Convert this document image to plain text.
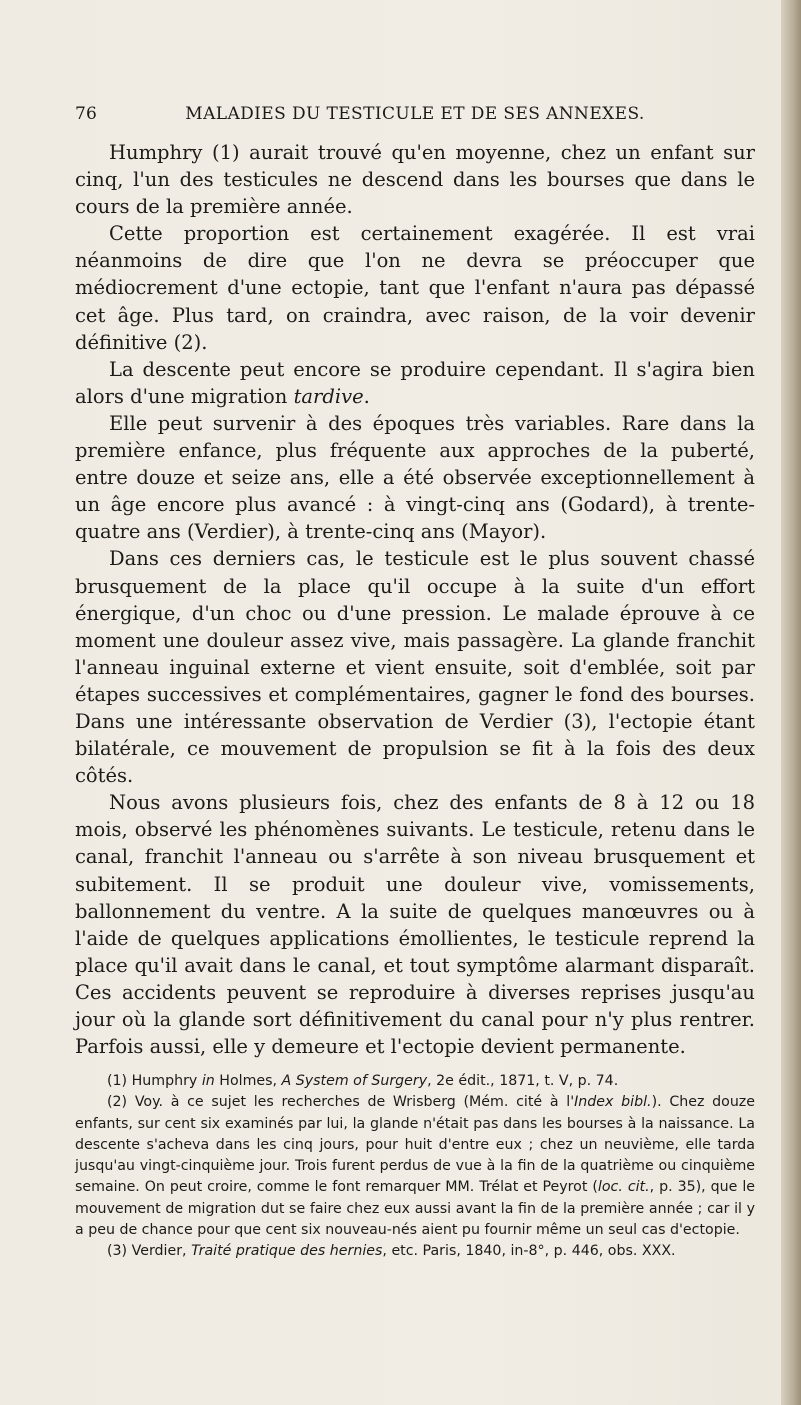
76	MALADIES DU TESTICULE ET DE SES ANNEXES.

Humphry (1) aurait trouvé qu'en moyenne, chez un enfant sur cinq, l'un des testicules ne descend dans les bourses que dans le cours de la première année.

Cette proportion est certainement exagérée. Il est vrai néanmoins de dire que l'on ne devra se préoccuper que médiocrement d'une ectopie, tant que l'enfant n'aura pas dépassé cet âge. Plus tard, on craindra, avec raison, de la voir devenir définitive (2).

La descente peut encore se produire cependant. Il s'agira bien alors d'une migration tardive.

Elle peut survenir à des époques très variables. Rare dans la première enfance, plus fréquente aux approches de la puberté, entre douze et seize ans, elle a été observée exceptionnellement à un âge encore plus avancé : à vingt-cinq ans (Godard), à trente-quatre ans (Verdier), à trente-cinq ans (Mayor).

Dans ces derniers cas, le testicule est le plus souvent chassé brusquement de la place qu'il occupe à la suite d'un effort énergique, d'un choc ou d'une pression. Le malade éprouve à ce moment une douleur assez vive, mais passagère. La glande franchit l'anneau inguinal externe et vient ensuite, soit d'emblée, soit par étapes successives et complémentaires, gagner le fond des bourses. Dans une intéressante observation de Verdier (3), l'ectopie étant bilatérale, ce mouvement de propulsion se fit à la fois des deux côtés.

Nous avons plusieurs fois, chez des enfants de 8 à 12 ou 18 mois, observé les phénomènes suivants. Le testicule, retenu dans le canal, franchit l'anneau ou s'arrête à son niveau brusquement et subitement. Il se produit une douleur vive, vomissements, ballonnement du ventre. A la suite de quelques manœuvres ou à l'aide de quelques applications émollientes, le testicule reprend la place qu'il avait dans le canal, et tout symptôme alarmant disparaît. Ces accidents peuvent se reproduire à diverses reprises jusqu'au jour où la glande sort définitivement du canal pour n'y plus rentrer. Parfois aussi, elle y demeure et l'ectopie devient permanente.

(1) Humphry in Holmes, A System of Surgery, 2e édit., 1871, t. V, p. 74.

(2) Voy. à ce sujet les recherches de Wrisberg (Mém. cité à l'Index bibl.). Chez douze enfants, sur cent six examinés par lui, la glande n'était pas dans les bourses à la naissance. La descente s'acheva dans les cinq jours, pour huit d'entre eux ; chez un neuvième, elle tarda jusqu'au vingt-cinquième jour. Trois furent perdus de vue à la fin de la quatrième ou cinquième semaine. On peut croire, comme le font remarquer MM. Trélat et Peyrot (loc. cit., p. 35), que le mouvement de migration dut se faire chez eux aussi avant la fin de la première année ; car il y a peu de chance pour que cent six nouveau-nés aient pu fournir même un seul cas d'ectopie.

(3) Verdier, Traité pratique des hernies, etc. Paris, 1840, in-8°, p. 446, obs. XXX.
